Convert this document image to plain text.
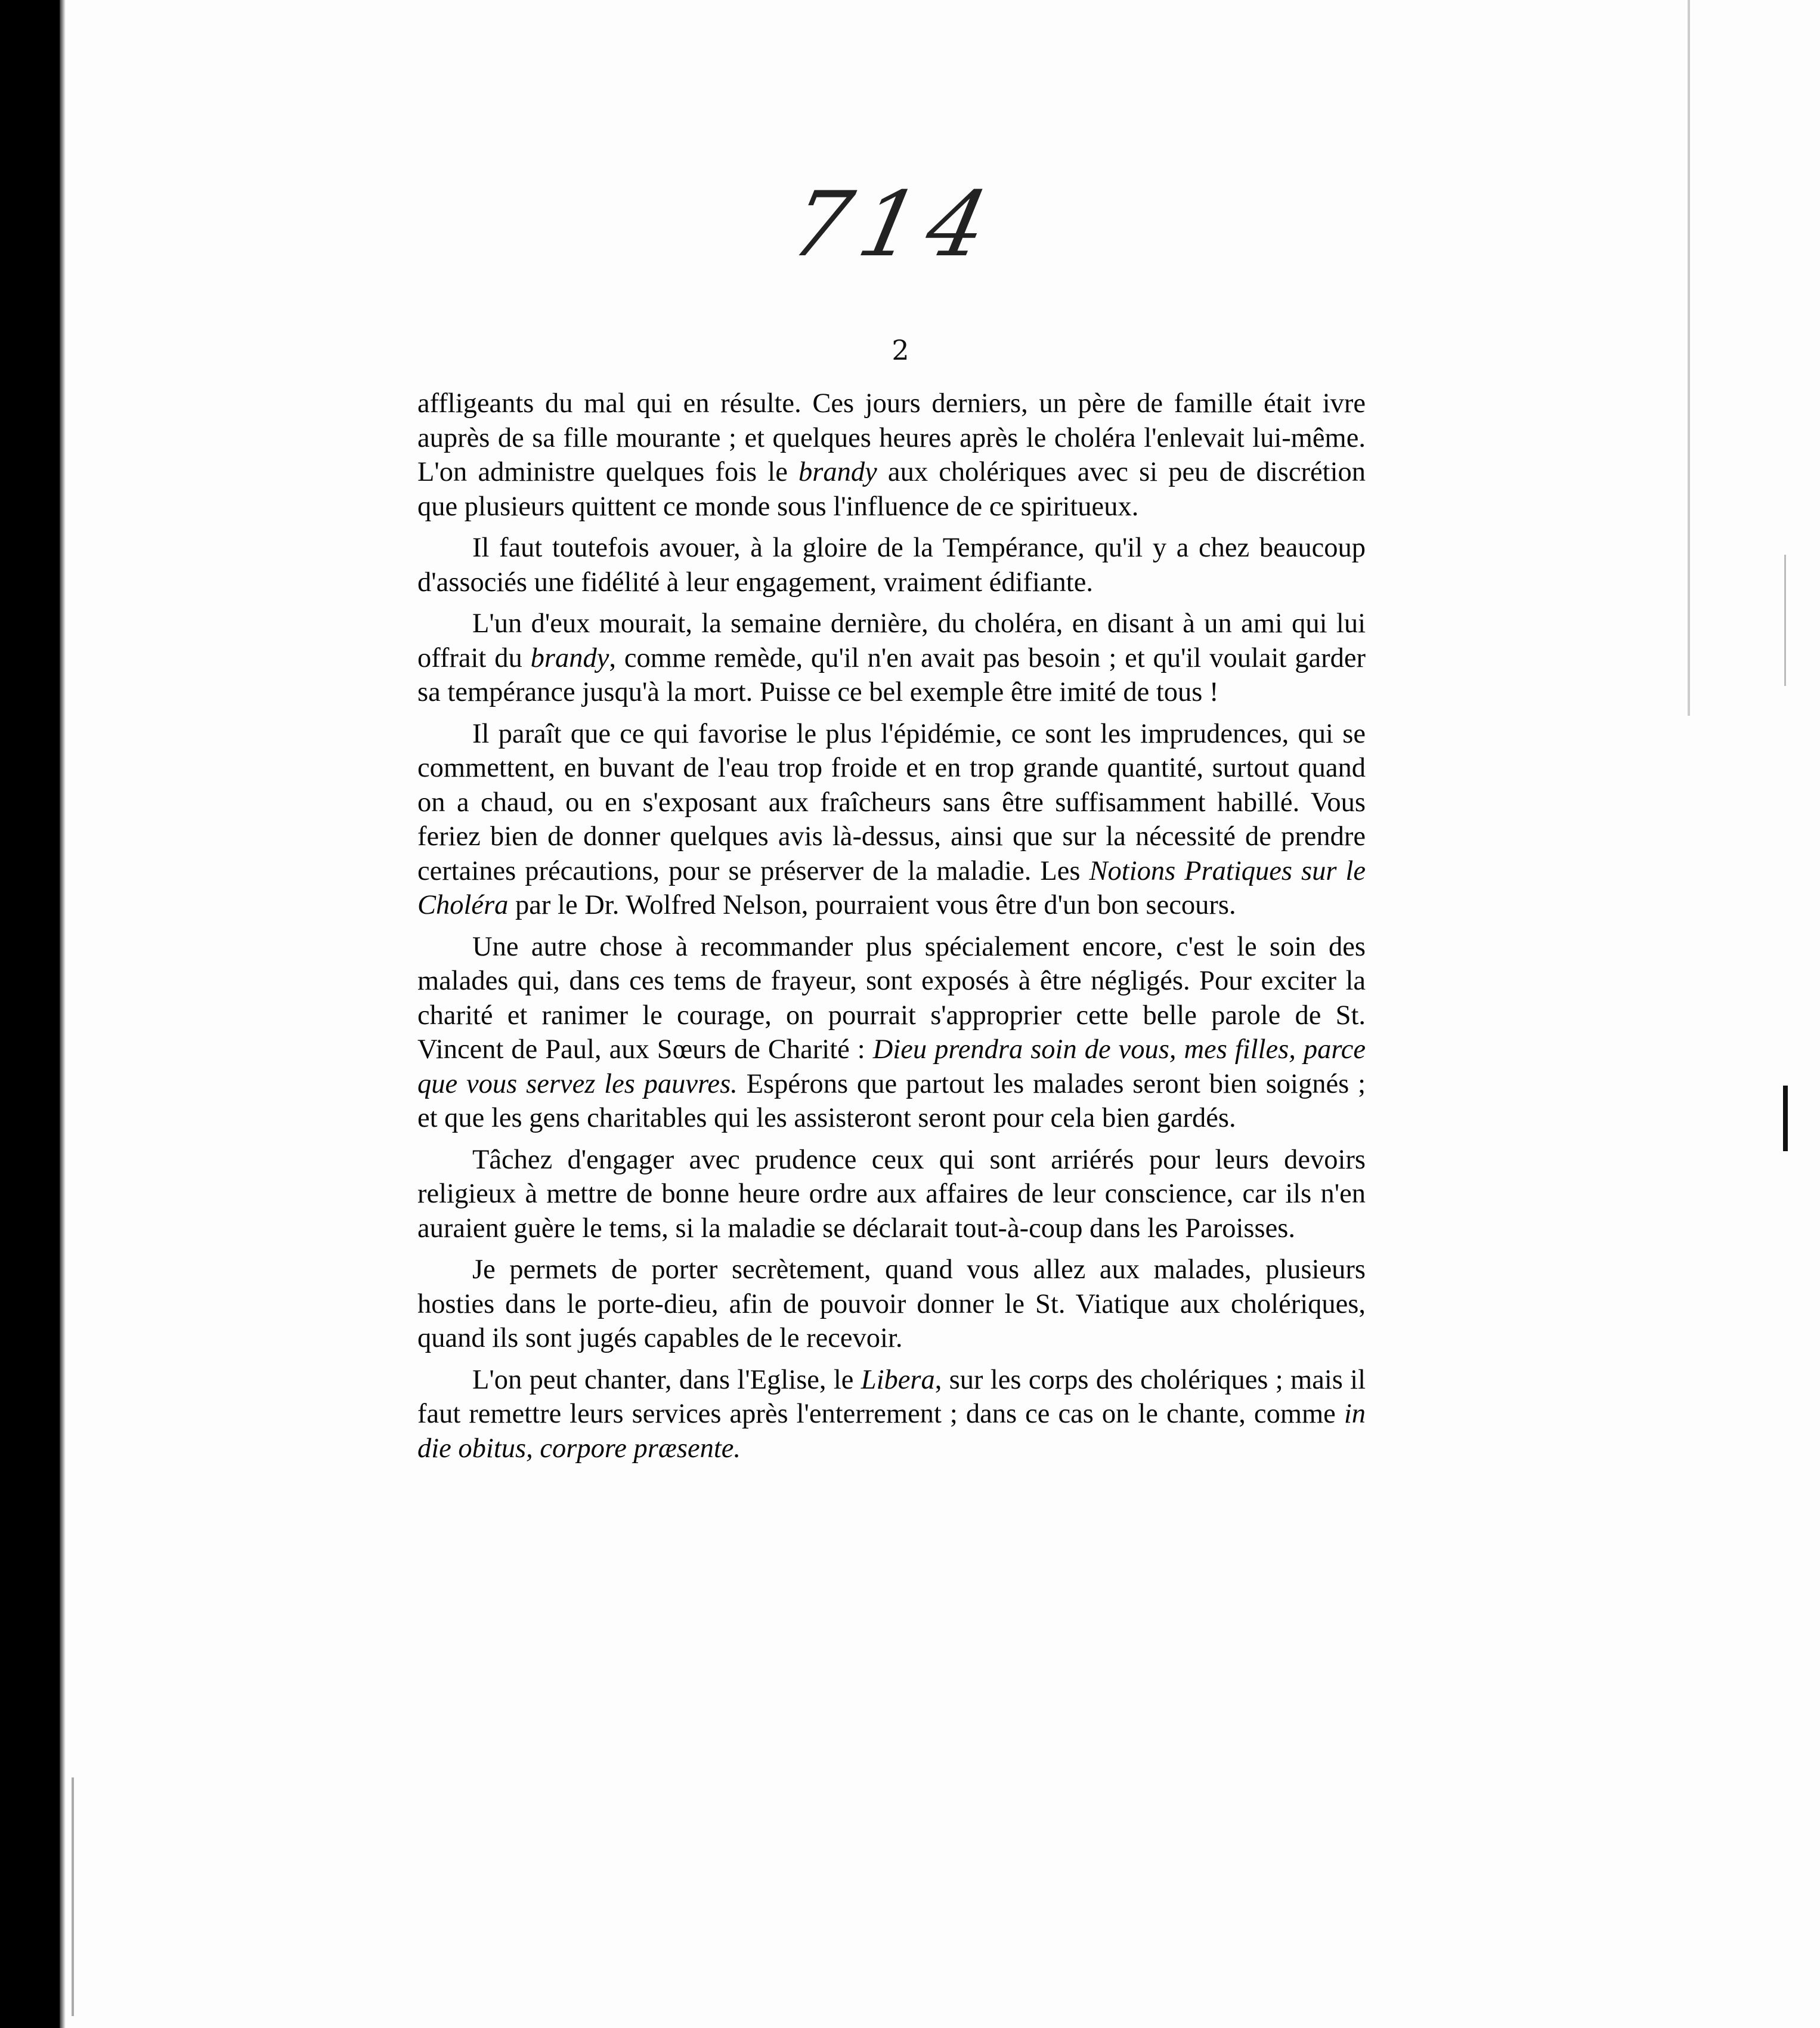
714
2

affligeants du mal qui en résulte. Ces jours derniers, un père de famille était ivre auprès de sa fille mourante ; et quelques heures après le choléra l'enlevait lui-même. L'on administre quelques fois le brandy aux cholériques avec si peu de discrétion que plusieurs quittent ce monde sous l'influence de ce spiritueux.

Il faut toutefois avouer, à la gloire de la Tempérance, qu'il y a chez beaucoup d'associés une fidélité à leur engagement, vraiment édifiante.

L'un d'eux mourait, la semaine dernière, du choléra, en disant à un ami qui lui offrait du brandy, comme remède, qu'il n'en avait pas besoin ; et qu'il voulait garder sa tempérance jusqu'à la mort. Puisse ce bel exemple être imité de tous !

Il paraît que ce qui favorise le plus l'épidémie, ce sont les imprudences, qui se commettent, en buvant de l'eau trop froide et en trop grande quantité, surtout quand on a chaud, ou en s'exposant aux fraîcheurs sans être suffisamment habillé. Vous feriez bien de donner quelques avis là-dessus, ainsi que sur la nécessité de prendre certaines précautions, pour se préserver de la maladie. Les Notions Pratiques sur le Choléra par le Dr. Wolfred Nelson, pourraient vous être d'un bon secours.

Une autre chose à recommander plus spécialement encore, c'est le soin des malades qui, dans ces tems de frayeur, sont exposés à être négligés. Pour exciter la charité et ranimer le courage, on pourrait s'approprier cette belle parole de St. Vincent de Paul, aux Sœurs de Charité : Dieu prendra soin de vous, mes filles, parce que vous servez les pauvres. Espérons que partout les malades seront bien soignés ; et que les gens charitables qui les assisteront seront pour cela bien gardés.

Tâchez d'engager avec prudence ceux qui sont arriérés pour leurs devoirs religieux à mettre de bonne heure ordre aux affaires de leur conscience, car ils n'en auraient guère le tems, si la maladie se déclarait tout-à-coup dans les Paroisses.

Je permets de porter secrètement, quand vous allez aux malades, plusieurs hosties dans le porte-dieu, afin de pouvoir donner le St. Viatique aux cholériques, quand ils sont jugés capables de le recevoir.

L'on peut chanter, dans l'Eglise, le Libera, sur les corps des cholériques ; mais il faut remettre leurs services après l'enterrement ; dans ce cas on le chante, comme in die obitus, corpore præsente.
